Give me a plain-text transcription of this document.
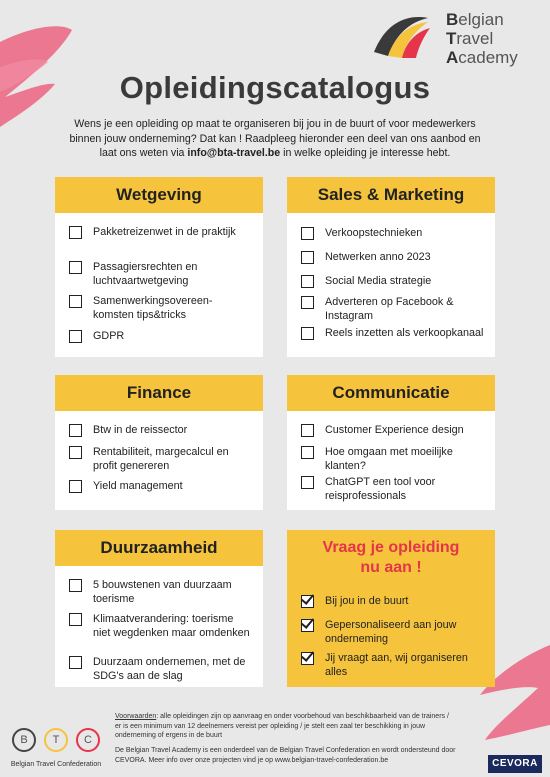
Belgian
Travel
Academy
Opleidingscatalogus
Wens je een opleiding op maat te organiseren bij jou in de buurt of voor medewerkers binnen jouw onderneming? Dat kan ! Raadpleeg hieronder een deel van ons aanbod en laat ons weten via info@bta-travel.be in welke opleiding je interesse hebt.
Wetgeving
Pakketreizenwet in de praktijk
Passagiersrechten en luchtvaartwetgeving
Samenwerkingsovereen-komsten tips&tricks
GDPR
Sales & Marketing
Verkoopstechnieken
Netwerken anno 2023
Social Media strategie
Adverteren op Facebook & Instagram
Reels inzetten als verkoopkanaal
Finance
Btw in de reissector
Rentabiliteit, margecalcul en profit genereren
Yield management
Communicatie
Customer Experience design
Hoe omgaan met moeilijke klanten?
ChatGPT een tool voor reisprofessionals
Duurzaamheid
5 bouwstenen van duurzaam toerisme
Klimaatverandering: toerisme niet wegdenken maar omdenken
Duurzaam ondernemen, met de SDG's aan de slag
Vraag je opleiding
nu aan !
Bij jou in de buurt
Gepersonaliseerd aan jouw onderneming
Jij vraagt aan, wij organiseren alles
B	T	C
Belgian Travel Confederation
Voorwaarden: alle opleidingen zijn op aanvraag en onder voorbehoud van beschikbaarheid van de trainers / er is een minimum van 12 deelnemers vereist per opleiding / je stelt een zaal ter beschikking in jouw onderneming of ergens in de buurt
De Belgian Travel Academy is een onderdeel van de Belgian Travel Confederation en wordt ondersteund door CEVORA. Meer info over onze projecten vind je op www.belgian-travel-confederation.be	CEVORA
